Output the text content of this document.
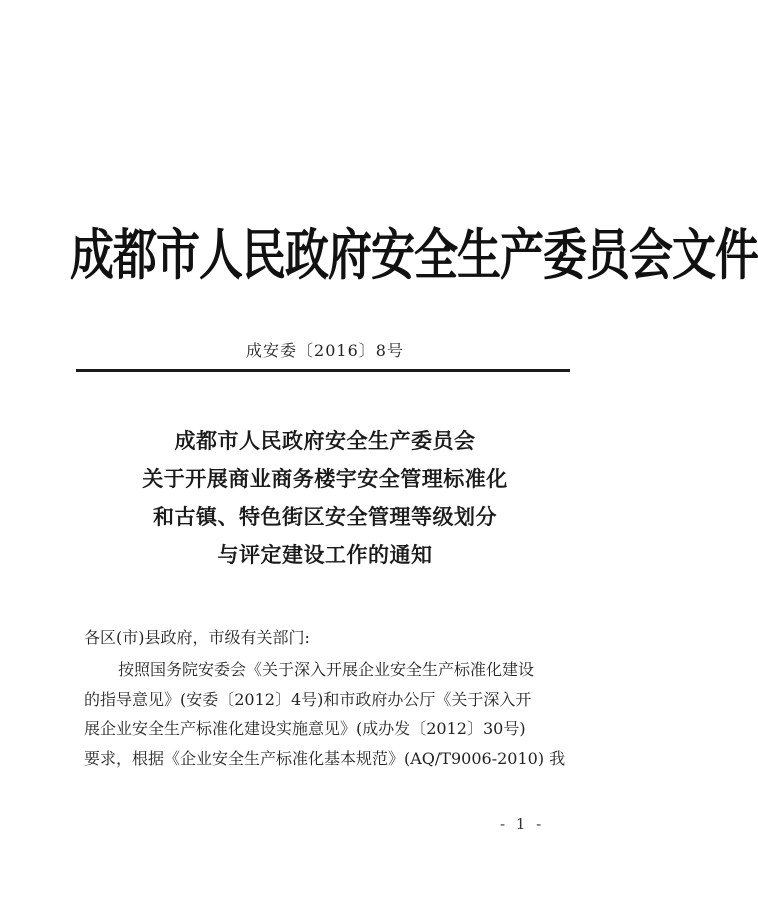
成都市人民政府安全生产委员会文件
成安委〔2016〕8号
成都市人民政府安全生产委员会
关于开展商业商务楼宇安全管理标准化
和古镇、特色街区安全管理等级划分
与评定建设工作的通知
各区(市)县政府，市级有关部门:
按照国务院安委会《关于深入开展企业安全生产标准化建设
的指导意见》(安委〔2012〕4号)和市政府办公厅《关于深入开
展企业安全生产标准化建设实施意见》(成办发〔2012〕30号)
要求，根据《企业安全生产标准化基本规范》(AQ/T9006-2010) 我
- 1 -
